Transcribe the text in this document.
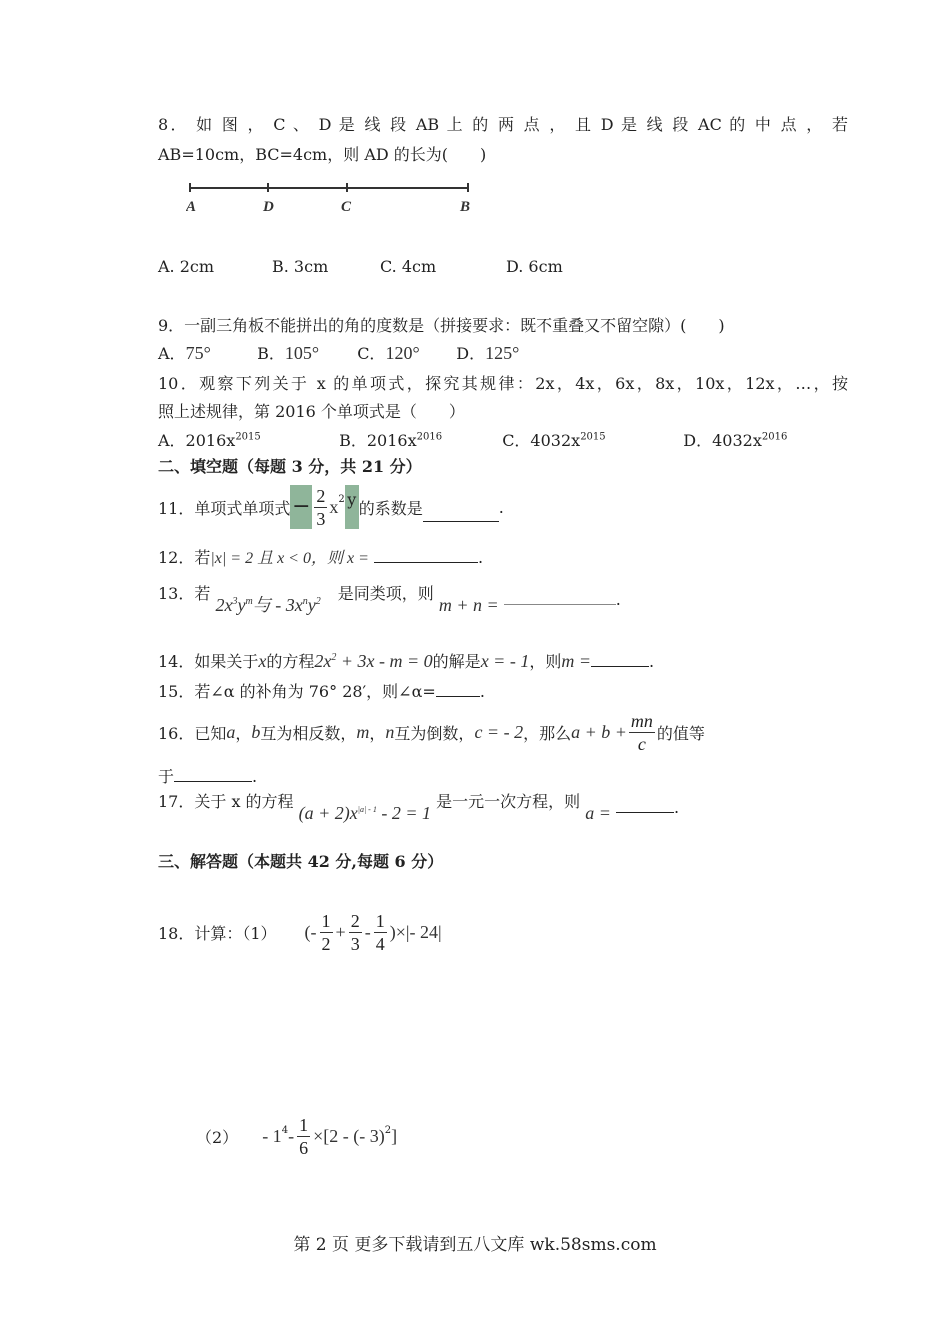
8． 如 图 ， C 、 D 是 线 段 AB 上 的 两 点 ， 且 D 是 线 段 AC 的 中 点 ， 若
AB=10cm，BC=4cm，则 AD 的长为(　　)
A	D	C	B
A. 2cm	B. 3cm	C. 4cm	D. 6cm
9．一副三角板不能拼出的角的度数是（拼接要求：既不重叠又不留空隙）(　　)
A．75°	B．105° C．120° D．125°
10．观察下列关于 x 的单项式，探究其规律：2x，4x，6x，8x，10x，12x，…，按
照上述规律，第 2016 个单项式是（　　）
A．$2016x^{2015}$	B．$2016x^{2016}$	C．$4032x^{2015}$	D．$4032x^{2016}$
二、填空题（每题 3 分，共 21 分）
11．单项式单项式 − $\frac{2}{3} x^2$ y 的系数是	.
12．若|x| = 2 且 x < 0，则 x =	.
13．若 $2x^3y^m$与 - $3x^ny^2$ 是同类项，则 m + n =	.
14．如果关于x的方程$2x^2 + 3x - m = 0$的解是x = - 1，则m =	.
15．若∠α 的补角为 76° 28′，则∠α=	.
16．已知 a ， b 互为相反数， m ， n 互为倒数， c = - 2 ，那么 $a + b + \frac{mn}{c}$ 的值等
于	.
17．关于 x 的方程 $(a + 2)x^{|a| - 1} - 2 = 1$ 是一元一次方程，则 a =	.
三、解答题（本题共 42 分,每题 6 分）
18．计算：（1） (- $\frac{1}{2} + \frac{2}{3} - \frac{1}{4}$ )×|- 24|
$(2) - 1^4 - \frac{1}{6} \times[2$ - (- 3)$^2$ ]
第 2 页 更多下载请到五八文库 wk.58sms.com
